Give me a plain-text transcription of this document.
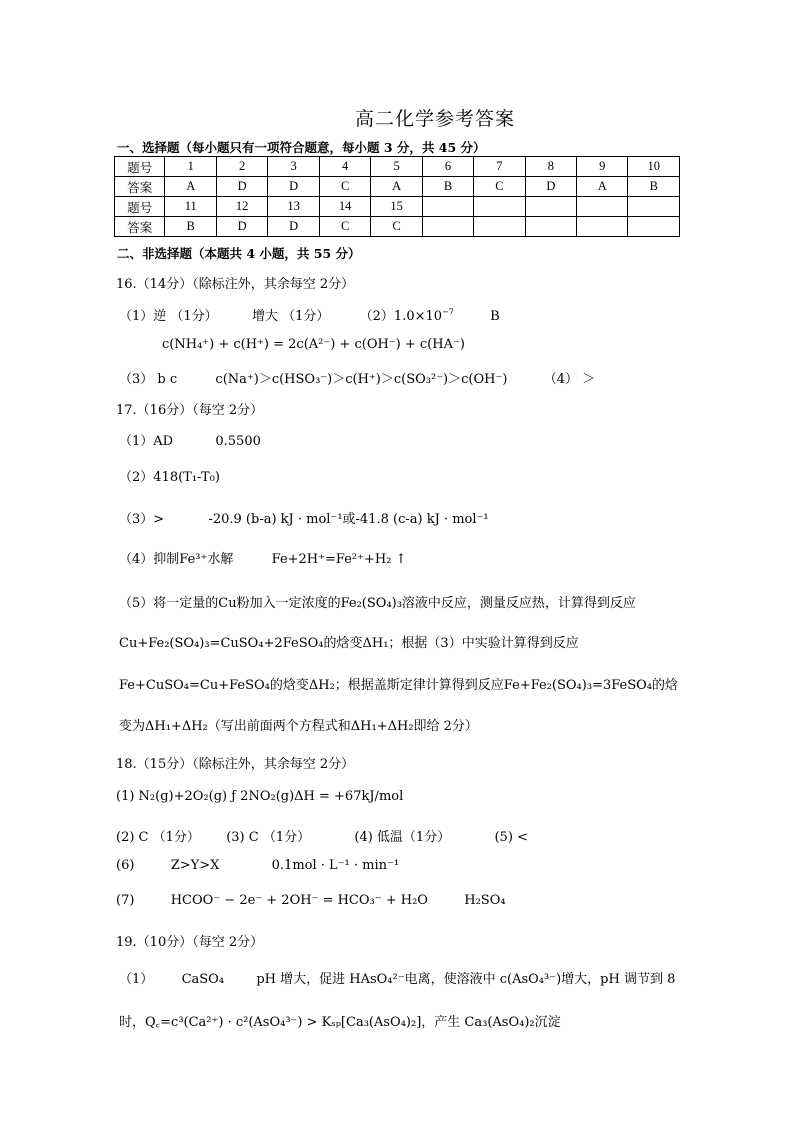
高二化学参考答案
一、选择题（每小题只有一项符合题意，每小题 3 分，共 45 分）
题号	1	2	3	4	5	6	7	8	9	10
答案	A	D	D	C	A	B	C	D	A	B
题号	11	12	13	14	15					
答案	B	D	D	C	C					
二、非选择题（本题共 4 小题，共 55 分）
16.（14分）（除标注外，其余每空 2分）
（1）逆 （1分）	增大 （1分） $(2)1.0\times 10^{-7}$	B
c(NH₄⁺) + c(H⁺) = 2c(A²⁻) + c(OH⁻) + c(HA⁻)
（3） b c	c(Na⁺)＞c(HSO₃⁻)＞c(H⁺)＞c(SO₃²⁻)＞c(OH⁻)	（4） ＞
17.（16分）（每空 2分）
（1）AD	0.5500
（2）418(T₁-T₀)
（3）>	-20.9 (b-a) kJ · mol⁻¹或-41.8 (c-a) kJ · mol⁻¹
（4）抑制Fe³⁺水解	Fe+2H⁺=Fe²⁺+H₂ ↑
（5）将一定量的Cu粉加入一定浓度的Fe₂(SO₄)₃溶液中反应，测量反应热，计算得到反应
Cu+Fe₂(SO₄)₃=CuSO₄+2FeSO₄的焓变ΔH₁；根据（3）中实验计算得到反应
Fe+CuSO₄=Cu+FeSO₄的焓变ΔH₂；根据盖斯定律计算得到反应Fe+Fe₂(SO₄)₃=3FeSO₄的焓
变为ΔH₁+ΔH₂（写出前面两个方程式和ΔH₁+ΔH₂即给 2分）
18.（15分）（除标注外，其余每空 2分）
(1) N₂(g)+2O₂(g) ƒ 2NO₂(g)ΔH = +67kJ/mol
(2) C （1分） (3) C （1分）	(4) 低温（1分）	(5) <
(6)	Z>Y>X	0.1mol · L⁻¹ · min⁻¹
(7)	HCOO⁻ − 2e⁻ + 2OH⁻ = HCO₃⁻ + H₂O	H₂SO₄
19.（10分）（每空 2分）
（1） CaSO₄ pH 增大，促进 HAsO₄²⁻电离，使溶液中 c(AsO₄³⁻)增大，pH 调节到 8
时，Q꜀=c³(Ca²⁺) · c²(AsO₄³⁻) > Kₛₚ[Ca₃(AsO₄)₂]，产生 Ca₃(AsO₄)₂沉淀
